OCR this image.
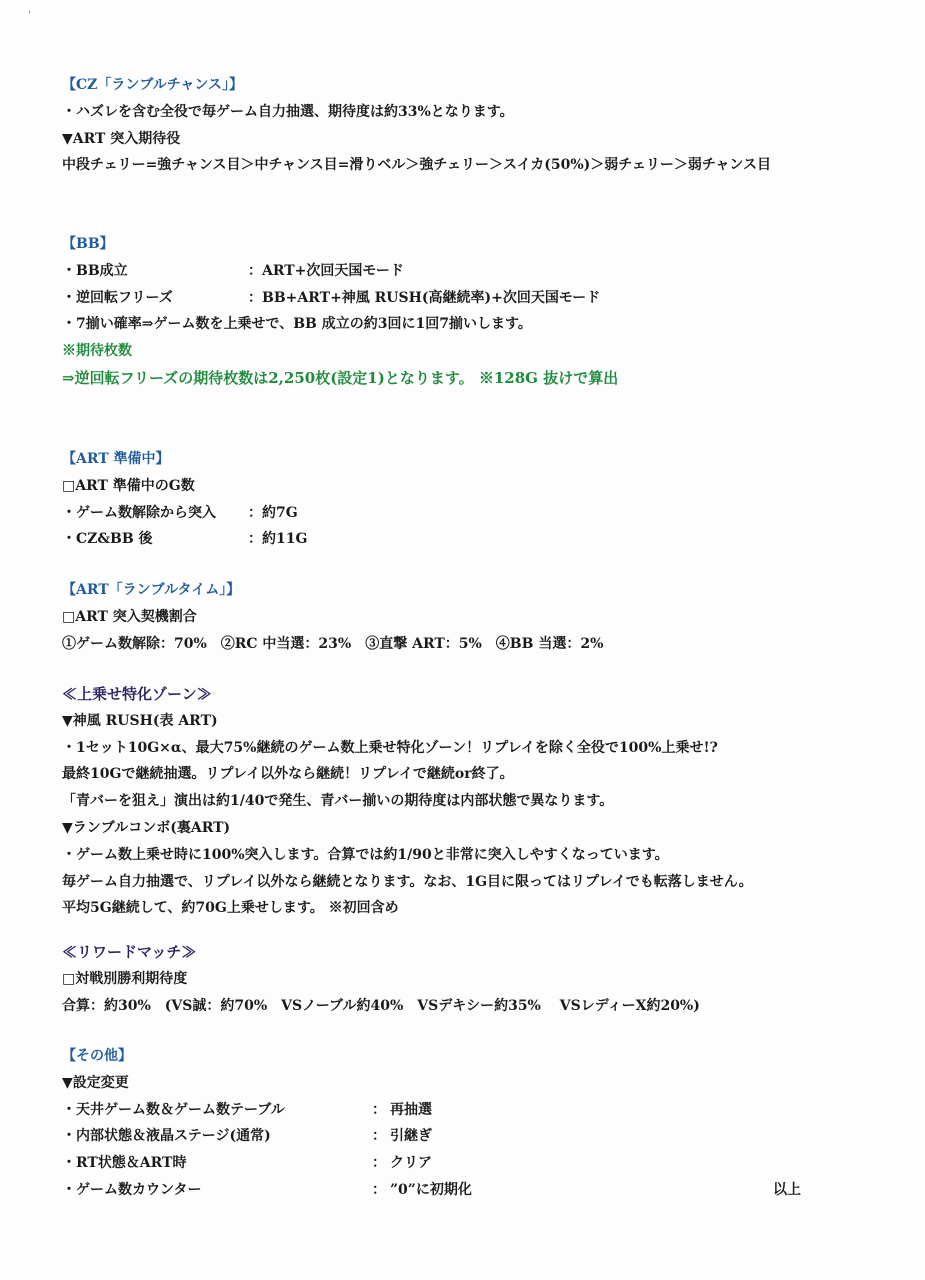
'
【CZ「ランブルチャンス」】
・ハズレを含む全役で毎ゲーム自力抽選、期待度は約33%となります。
▼ART 突入期待役
中段チェリー=強チャンス目＞中チャンス目=滑りベル＞強チェリー＞スイカ(50%)＞弱チェリー＞弱チャンス目
【BB】
・BB成立	：ART+次回天国モード
・逆回転フリーズ	：BB+ART+神風 RUSH(高継続率)+次回天国モード
・7揃い確率⇒ゲーム数を上乗せで、BB 成立の約3回に1回7揃いします。
※期待枚数
⇒逆回転フリーズの期待枚数は2,250枚(設定1)となります。 ※128G 抜けで算出
【ART 準備中】
□ART 準備中のG数
・ゲーム数解除から突入 ：約7G
・CZ&BB 後	：約11G
【ART「ランブルタイム」】
□ART 突入契機割合
①ゲーム数解除：70%　②RC 中当選：23%　③直撃 ART：5%　④BB 当選：2%
≪上乗せ特化ゾーン≫
▼神風 RUSH(表 ART)
・1セット10G×α、最大75%継続のゲーム数上乗せ特化ゾーン！リプレイを除く全役で100%上乗せ!?
最終10Gで継続抽選。リプレイ以外なら継続！リプレイで継続or終了。
「青バーを狙え」演出は約1/40で発生、青バー揃いの期待度は内部状態で異なります。
▼ランブルコンボ(裏ART)
・ゲーム数上乗せ時に100%突入します。合算では約1/90と非常に突入しやすくなっています。
毎ゲーム自力抽選で、リプレイ以外なら継続となります。なお、1G目に限ってはリプレイでも転落しません。
平均5G継続して、約70G上乗せします。 ※初回含め
≪リワードマッチ≫
□対戦別勝利期待度
合算：約30%　(VS誠：約70%　VSノーブル約40%　VSデキシー約35%　 VSレディーX約20%)
【その他】
▼設定変更
・天井ゲーム数＆ゲーム数テーブル	： 再抽選
・内部状態＆液晶ステージ(通常)	： 引継ぎ
・RT状態＆ART時	： クリア
・ゲーム数カウンター	： ”0”に初期化	以上
